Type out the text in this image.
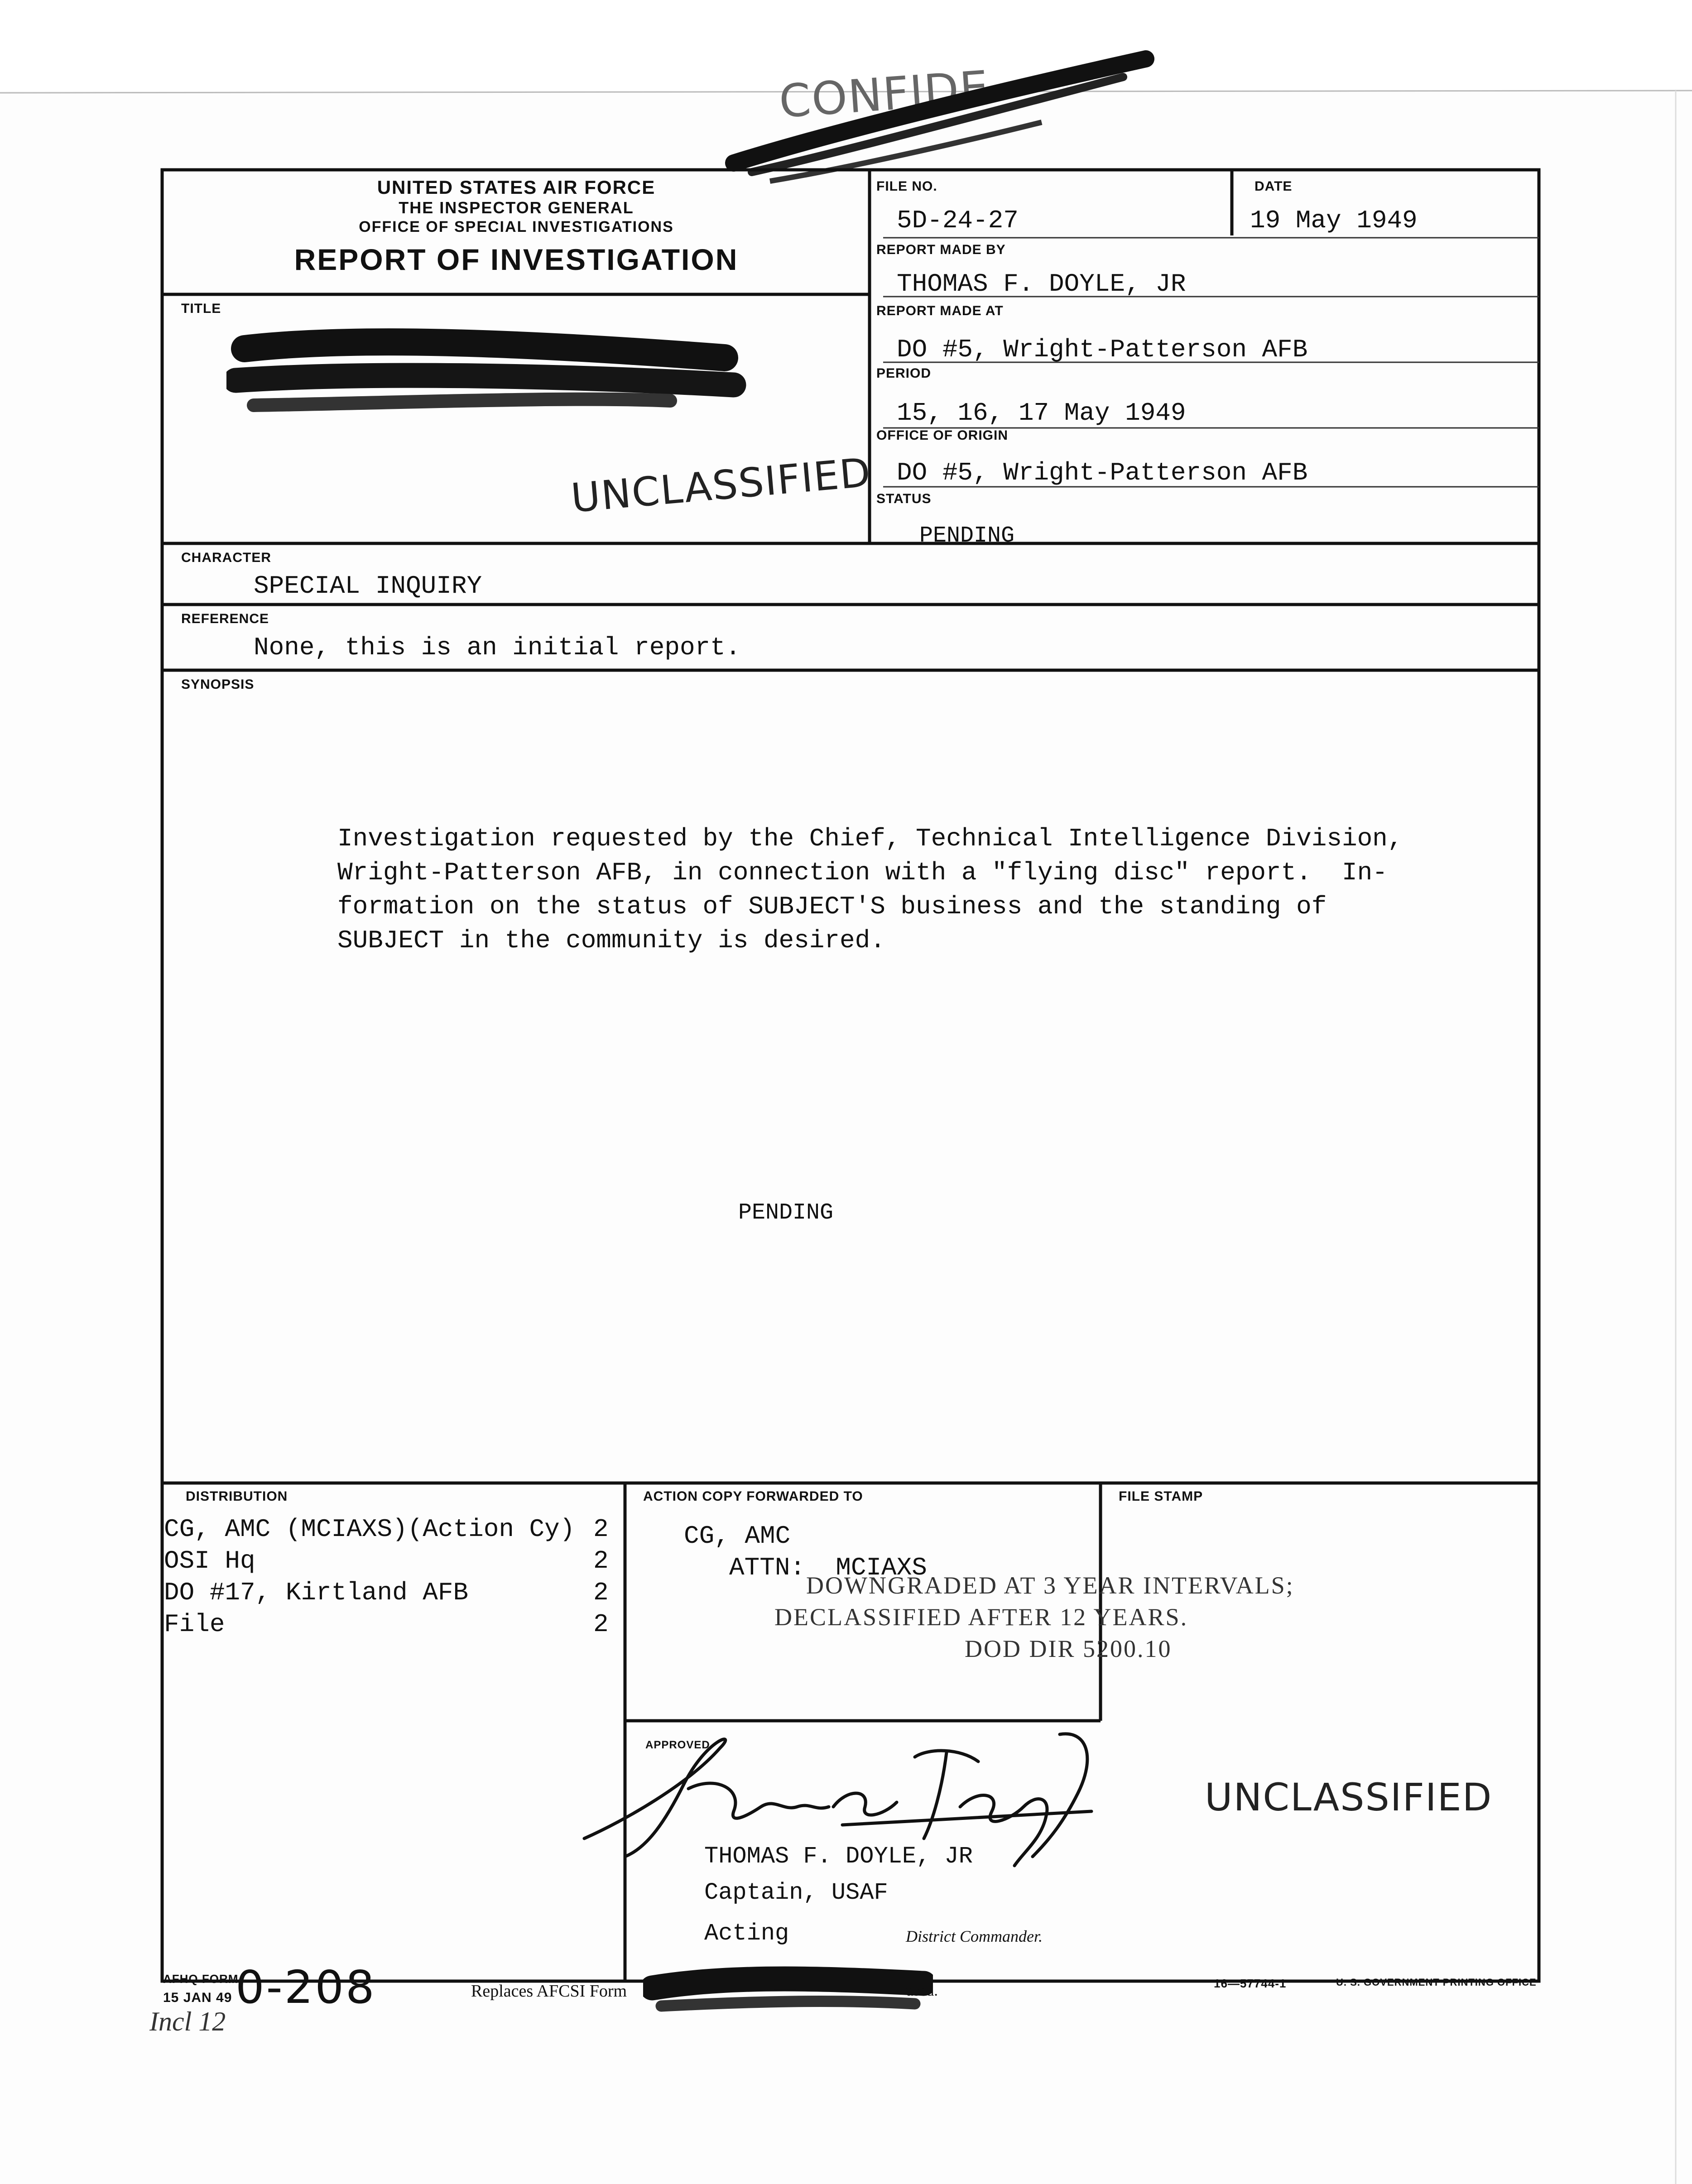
CONFIDE
UNITED STATES AIR FORCE
THE INSPECTOR GENERAL
OFFICE OF SPECIAL INVESTIGATIONS
REPORT OF INVESTIGATION
FILE NO.
5D-24-27
DATE
19 May 1949
REPORT MADE BY
THOMAS F. DOYLE, JR
REPORT MADE AT
DO #5, Wright-Patterson AFB
PERIOD
15, 16, 17 May 1949
OFFICE OF ORIGIN
DO #5, Wright-Patterson AFB
STATUS
PENDING
TITLE
UNCLASSIFIED
CHARACTER
SPECIAL INQUIRY
REFERENCE
None, this is an initial report.
SYNOPSIS
Investigation requested by the Chief, Technical Intelligence Division,
Wright-Patterson AFB, in connection with a "flying disc" report.  In-
formation on the status of SUBJECT'S business and the standing of
SUBJECT in the community is desired.
PENDING
DISTRIBUTION
CG, AMC (MCIAXS)(Action Cy) 2
OSI Hq	2
DO #17, Kirtland AFB	2
File	2
ACTION COPY FORWARDED TO
CG, AMC
ATTN:  MCIAXS
FILE STAMP
DOWNGRADED AT 3 YEAR INTERVALS;
DECLASSIFIED AFTER 12 YEARS.
DOD DIR 5200.10
APPROVED
THOMAS F. DOYLE, JR
Captain, USAF
Acting	District Commander.
UNCLASSIFIED
AFHQ FORM
15 JAN 49 0-208	Replaces AFCSI Form	used.	16—57744-1	U. S. GOVERNMENT PRINTING OFFICE
Incl 12
